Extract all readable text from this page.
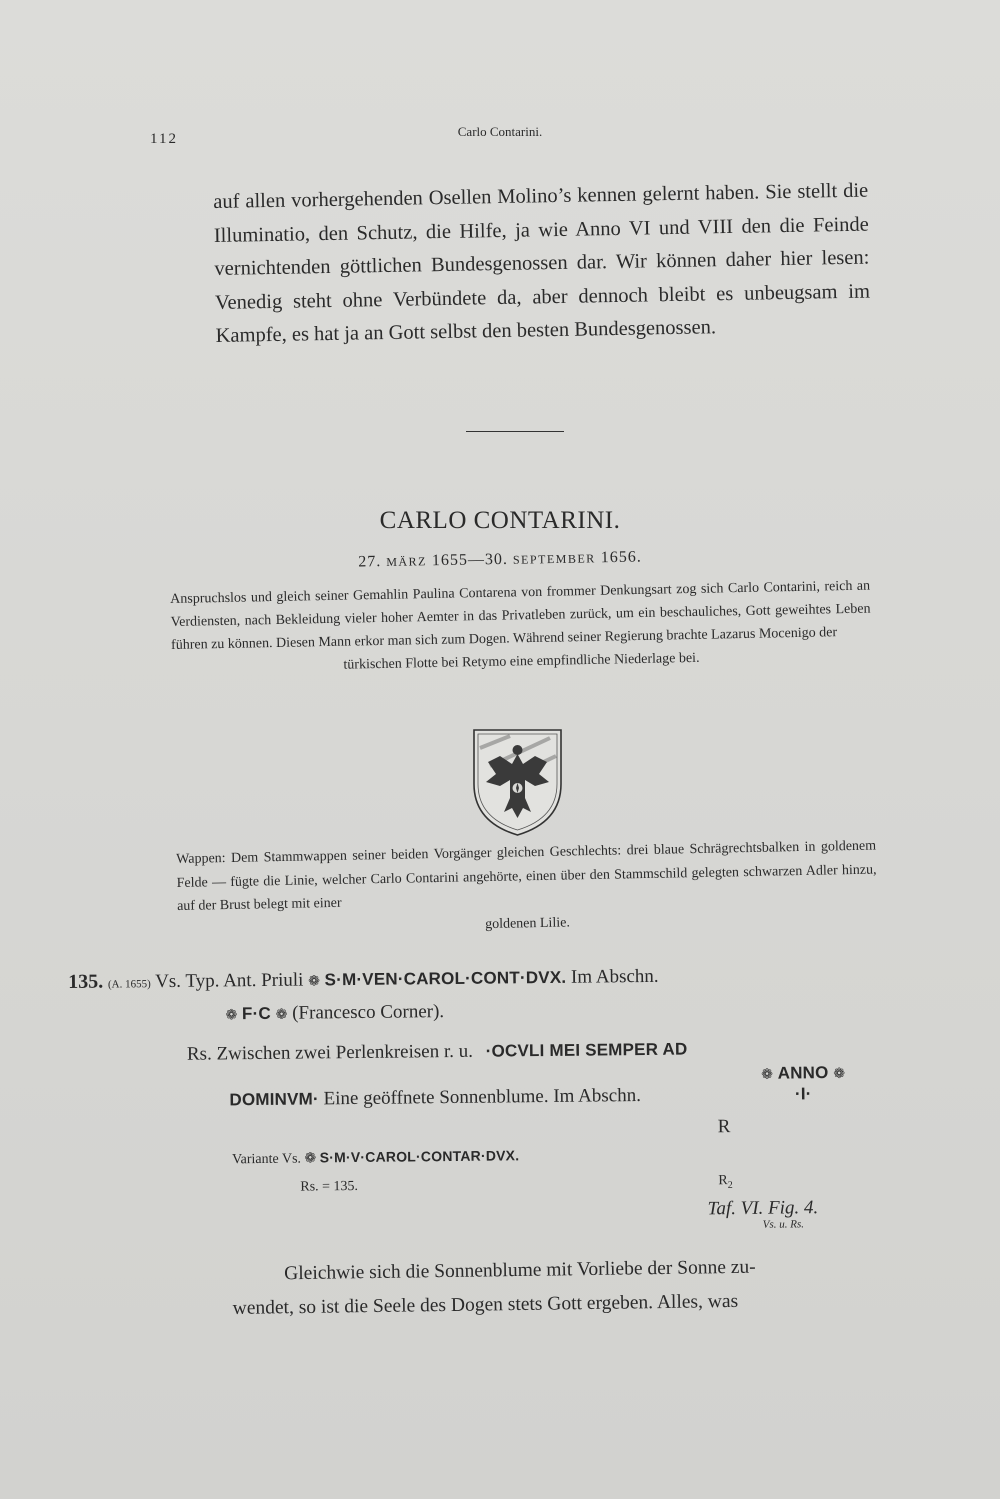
112	Carlo Contarini.
auf allen vorhergehenden Osellen Molino’s kennen gelernt haben. Sie stellt die Illuminatio, den Schutz, die Hilfe, ja wie Anno VI und VIII den die Feinde vernichtenden göttlichen Bundesgenossen dar. Wir können daher hier lesen: Venedig steht ohne Verbündete da, aber dennoch bleibt es unbeugsam im Kampfe, es hat ja an Gott selbst den besten Bundesgenossen.
CARLO CONTARINI.
27. MÄRZ 1655—30. SEPTEMBER 1656.
Anspruchslos und gleich seiner Gemahlin Paulina Contarena von frommer Denkungsart zog sich Carlo Contarini, reich an Verdiensten, nach Bekleidung vieler hoher Aemter in das Privatleben zurück, um ein beschauliches, Gott geweihtes Leben führen zu können. Diesen Mann erkor man sich zum Dogen. Während seiner Regierung brachte Lazarus Mocenigo der
türkischen Flotte bei Retymo eine empfindliche Niederlage bei.
Wappen: Dem Stammwappen seiner beiden Vorgänger gleichen Geschlechts: drei blaue Schrägrechtsbalken in goldenem Felde — fügte die Linie, welcher Carlo Contarini angehörte, einen über den Stammschild gelegten schwarzen Adler hinzu, auf der Brust belegt mit einer
goldenen Lilie.
135. (A. 1655) Vs. Typ. Ant. Priuli ❁ S·M·VEN·CAROL·CONT·DVX. Im Abschn.
❁ F·C ❁ (Francesco Corner).
Rs. Zwischen zwei Perlenkreisen r. u. ·OCVLI MEI SEMPER AD
DOMINVM· Eine geöffnete Sonnenblume. Im Abschn.
❁ ANNO ❁
·I·
R
Variante Vs. ❁ S·M·V·CAROL·CONTAR·DVX.
Rs. = 135.	$R_2$
Taf. VI. Fig. 4.
Vs. u. Rs.
Gleichwie sich die Sonnenblume mit Vorliebe der Sonne zu-
wendet, so ist die Seele des Dogen stets Gott ergeben. Alles, was
